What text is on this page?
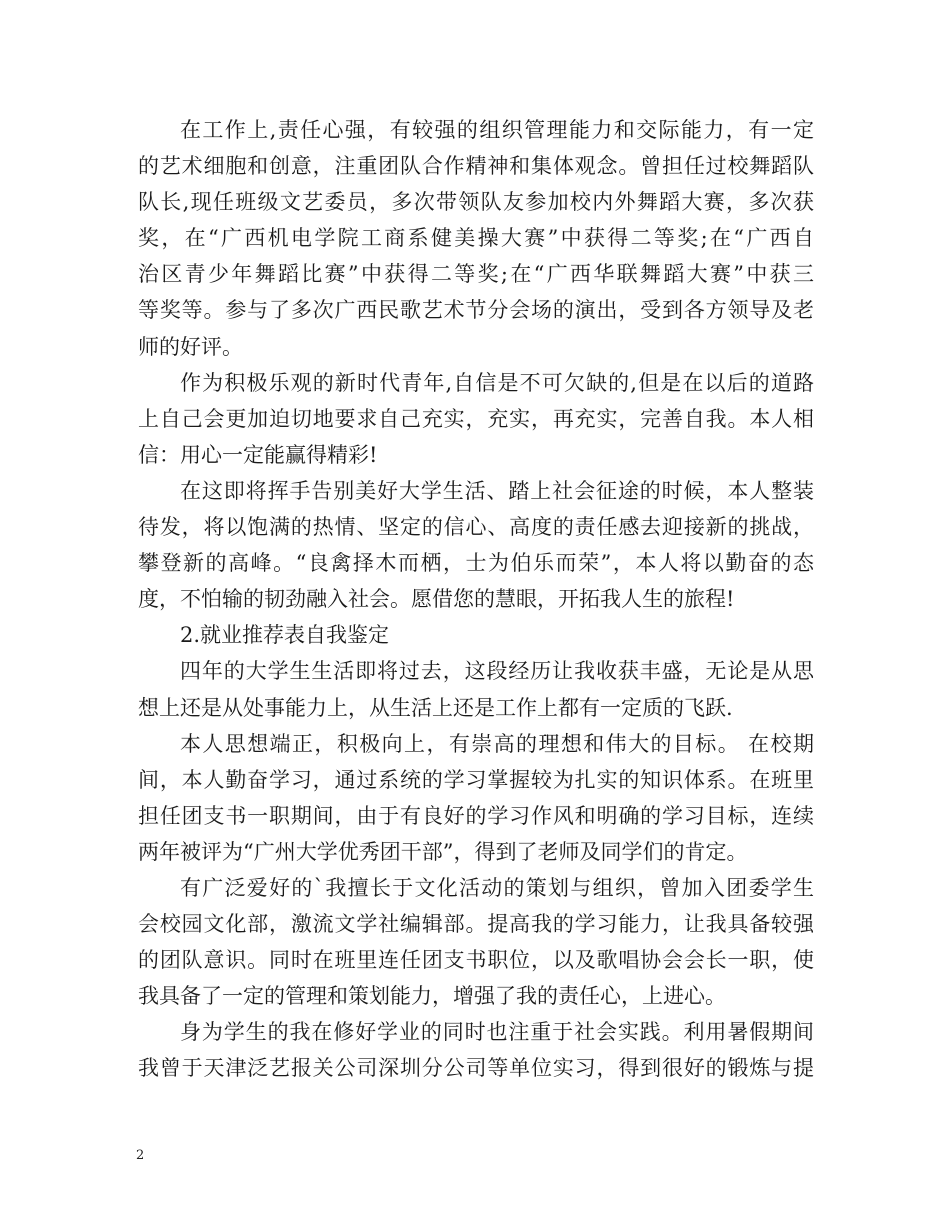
在工作上,责任心强，有较强的组织管理能力和交际能力，有一定
的艺术细胞和创意，注重团队合作精神和集体观念。曾担任过校舞蹈队
队长,现任班级文艺委员，多次带领队友参加校内外舞蹈大赛，多次获
奖，在“广西机电学院工商系健美操大赛”中获得二等奖;在“广西自
治区青少年舞蹈比赛”中获得二等奖;在“广西华联舞蹈大赛”中获三
等奖等。参与了多次广西民歌艺术节分会场的演出，受到各方领导及老
师的好评。
作为积极乐观的新时代青年,自信是不可欠缺的,但是在以后的道路
上自己会更加迫切地要求自己充实，充实，再充实，完善自我。本人相
信：用心一定能赢得精彩!
在这即将挥手告别美好大学生活、踏上社会征途的时候，本人整装
待发，将以饱满的热情、坚定的信心、高度的责任感去迎接新的挑战，
攀登新的高峰。“良禽择木而栖，士为伯乐而荣”，本人将以勤奋的态
度，不怕输的韧劲融入社会。愿借您的慧眼，开拓我人生的旅程!
2.就业推荐表自我鉴定
四年的大学生生活即将过去，这段经历让我收获丰盛，无论是从思
想上还是从处事能力上，从生活上还是工作上都有一定质的飞跃.
本人思想端正，积极向上，有崇高的理想和伟大的目标。 在校期
间，本人勤奋学习，通过系统的学习掌握较为扎实的知识体系。在班里
担任团支书一职期间，由于有良好的学习作风和明确的学习目标，连续
两年被评为“广州大学优秀团干部”，得到了老师及同学们的肯定。
有广泛爱好的`我擅长于文化活动的策划与组织，曾加入团委学生
会校园文化部，激流文学社编辑部。提高我的学习能力，让我具备较强
的团队意识。同时在班里连任团支书职位，以及歌唱协会会长一职，使
我具备了一定的管理和策划能力，增强了我的责任心，上进心。
身为学生的我在修好学业的同时也注重于社会实践。利用暑假期间
我曾于天津泛艺报关公司深圳分公司等单位实习，得到很好的锻炼与提
2
